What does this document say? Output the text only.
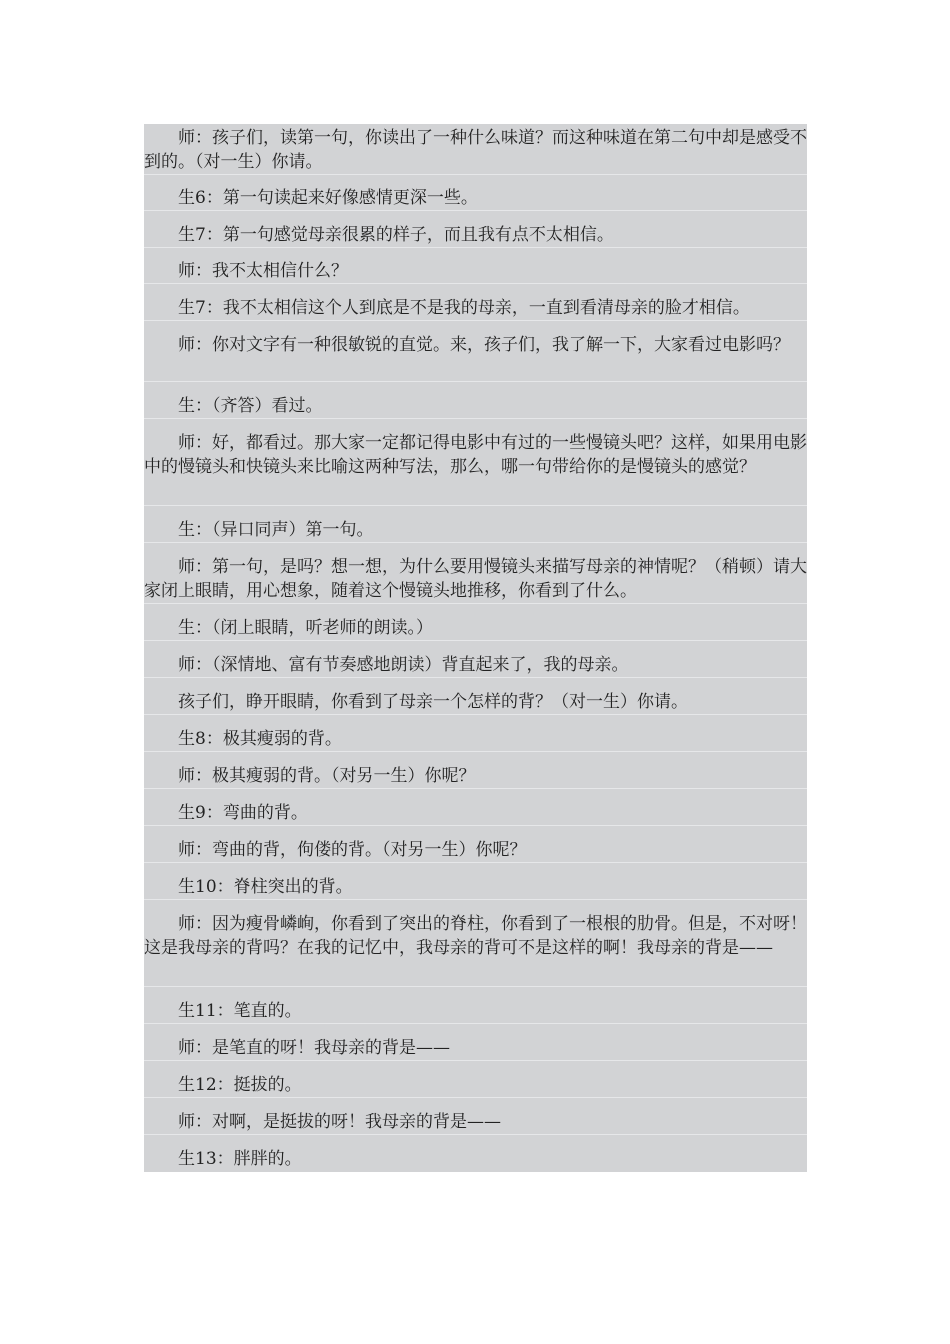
　　师：孩子们，读第一句，你读出了一种什么味道？而这种味道在第二句中却是感受不到的。（对一生）你请。
　　生6：第一句读起来好像感情更深一些。
　　生7：第一句感觉母亲很累的样子，而且我有点不太相信。
　　师：我不太相信什么？
　　生7：我不太相信这个人到底是不是我的母亲，一直到看清母亲的脸才相信。
　　师：你对文字有一种很敏锐的直觉。来，孩子们，我了解一下，大家看过电影吗？
　　生：（齐答）看过。
　　师：好，都看过。那大家一定都记得电影中有过的一些慢镜头吧？这样，如果用电影中的慢镜头和快镜头来比喻这两种写法，那么，哪一句带给你的是慢镜头的感觉？
　　生：（异口同声）第一句。
　　师：第一句，是吗？想一想，为什么要用慢镜头来描写母亲的神情呢？（稍顿）请大家闭上眼睛，用心想象，随着这个慢镜头地推移，你看到了什么。
　　生：（闭上眼睛，听老师的朗读。）
　　师：（深情地、富有节奏感地朗读）背直起来了，我的母亲。
　　孩子们，睁开眼睛，你看到了母亲一个怎样的背？（对一生）你请。
　　生8：极其瘦弱的背。
　　师：极其瘦弱的背。（对另一生）你呢？
　　生9：弯曲的背。
　　师：弯曲的背，佝偻的背。（对另一生）你呢？
　　生10：脊柱突出的背。
　　师：因为瘦骨嶙峋，你看到了突出的脊柱，你看到了一根根的肋骨。但是，不对呀！这是我母亲的背吗？在我的记忆中，我母亲的背可不是这样的啊！我母亲的背是——
　　生11：笔直的。
　　师：是笔直的呀！我母亲的背是——
　　生12：挺拔的。
　　师：对啊，是挺拔的呀！我母亲的背是——
　　生13：胖胖的。
